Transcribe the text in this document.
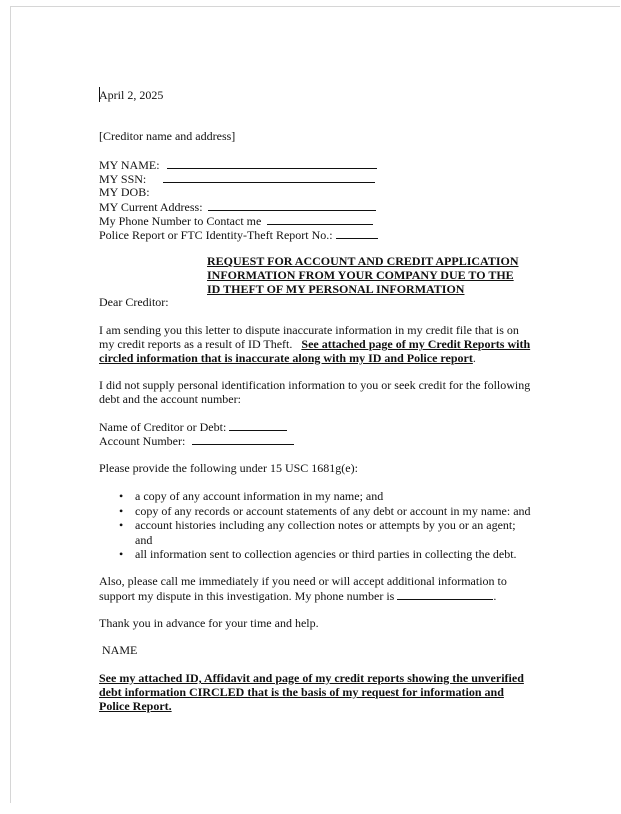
April 2, 2025
[Creditor name and address]
MY NAME:
MY SSN:
MY DOB:
MY Current Address:
My Phone Number to Contact me
Police Report or FTC Identity-Theft Report No.:
REQUEST FOR ACCOUNT AND CREDIT APPLICATION
INFORMATION FROM YOUR COMPANY DUE TO THE
ID THEFT OF MY PERSONAL INFORMATION
Dear Creditor:
I am sending you this letter to dispute inaccurate information in my credit file that is on
my credit reports as a result of ID Theft.   See attached page of my Credit Reports with
circled information that is inaccurate along with my ID and Police report.
I did not supply personal identification information to you or seek credit for the following
debt and the account number:
Name of Creditor or Debt:
Account Number:
Please provide the following under 15 USC 1681g(e):
• a copy of any account information in my name; and
• copy of any records or account statements of any debt or account in my name: and
• account histories including any collection notes or attempts by you or an agent;
and
• all information sent to collection agencies or third parties in collecting the debt.
Also, please call me immediately if you need or will accept additional information to
support my dispute in this investigation. My phone number is	.
Thank you in advance for your time and help.
NAME
See my attached ID, Affidavit and page of my credit reports showing the unverified
debt information CIRCLED that is the basis of my request for information and
Police Report.
